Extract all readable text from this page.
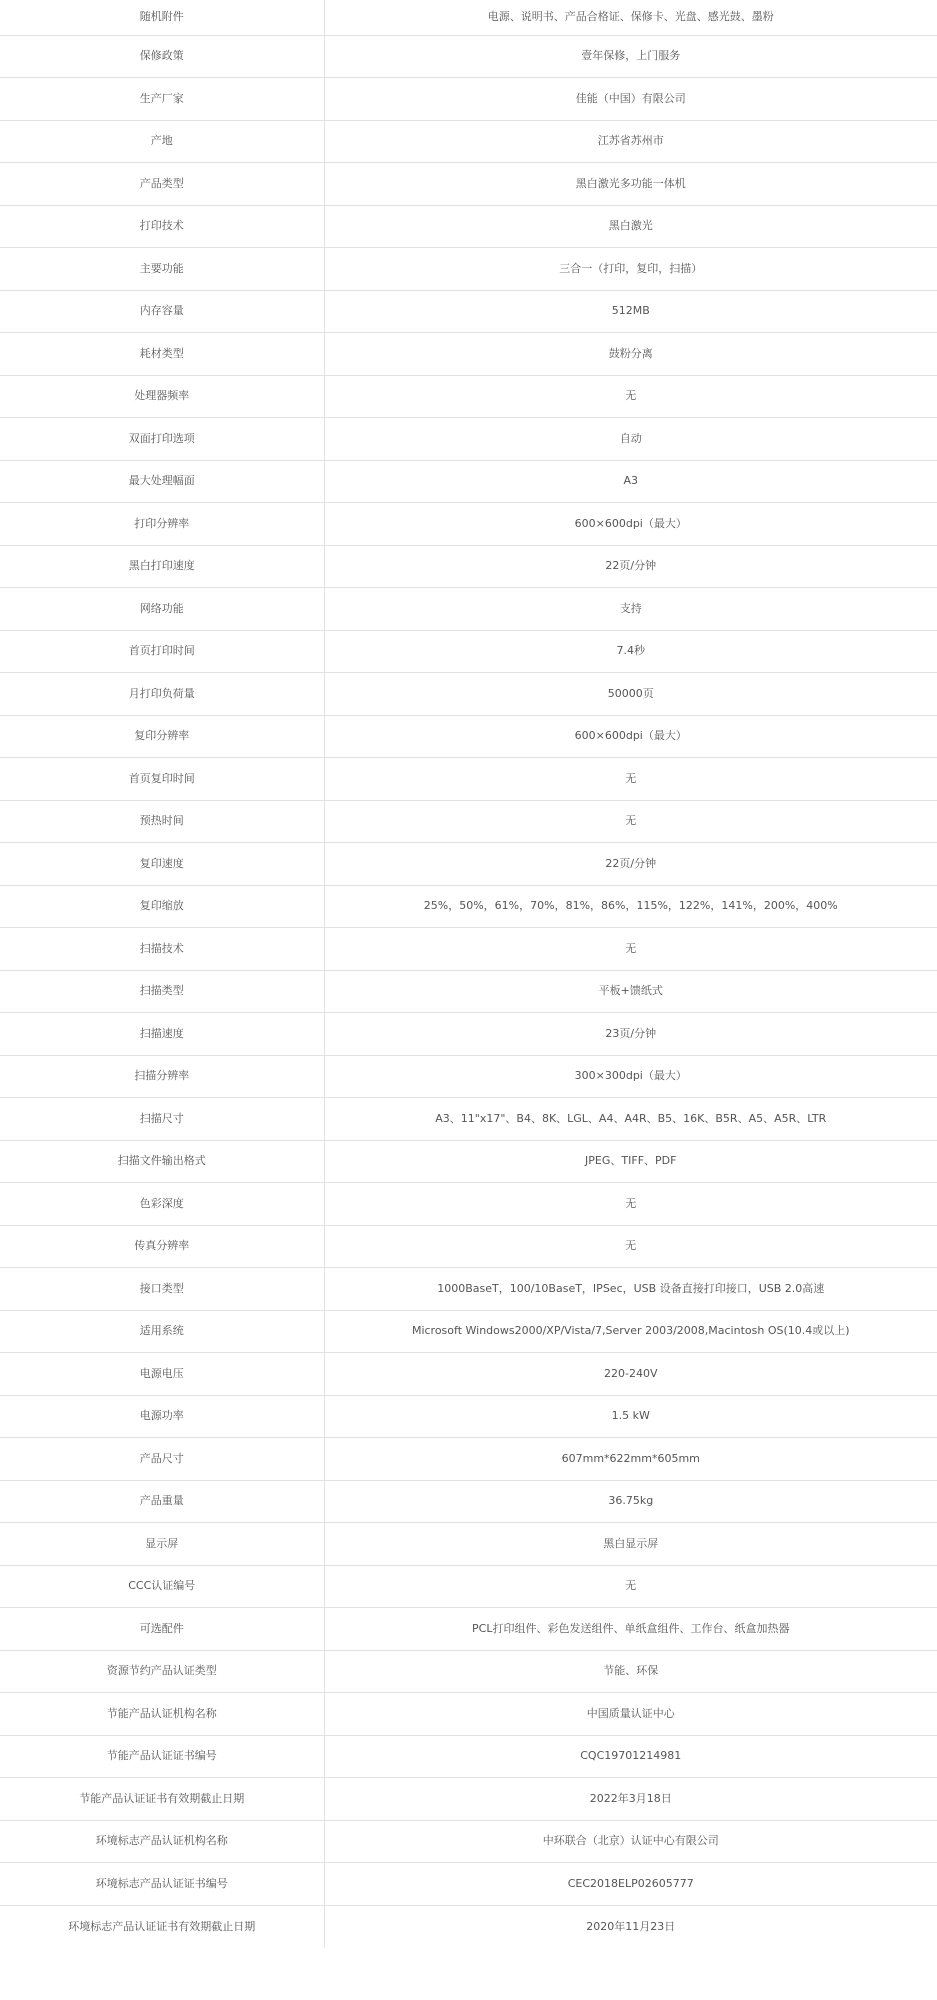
随机附件	电源、说明书、产品合格证、保修卡、光盘、感光鼓、墨粉
保修政策	壹年保修，上门服务
生产厂家	佳能（中国）有限公司
产地	江苏省苏州市
产品类型	黑白激光多功能一体机
打印技术	黑白激光
主要功能	三合一（打印，复印，扫描）
内存容量	512MB
耗材类型	鼓粉分离
处理器频率	无
双面打印选项	自动
最大处理幅面	A3
打印分辨率	600×600dpi（最大）
黑白打印速度	22页/分钟
网络功能	支持
首页打印时间	7.4秒
月打印负荷量	50000页
复印分辨率	600×600dpi（最大）
首页复印时间	无
预热时间	无
复印速度	22页/分钟
复印缩放	25%，50%，61%，70%，81%，86%，115%，122%，141%，200%，400%
扫描技术	无
扫描类型	平板+馈纸式
扫描速度	23页/分钟
扫描分辨率	300×300dpi（最大）
扫描尺寸	A3、11"x17"、B4、8K、LGL、A4、A4R、B5、16K、B5R、A5、A5R、LTR
扫描文件输出格式	JPEG、TIFF、PDF
色彩深度	无
传真分辨率	无
接口类型	1000BaseT，100/10BaseT，IPSec，USB 设备直接打印接口，USB 2.0高速
适用系统	Microsoft Windows2000/XP/Vista/7,Server 2003/2008,Macintosh OS(10.4或以上)
电源电压	220-240V
电源功率	1.5 kW
产品尺寸	607mm*622mm*605mm
产品重量	36.75kg
显示屏	黑白显示屏
CCC认证编号	无
可选配件	PCL打印组件、彩色发送组件、单纸盒组件、工作台、纸盒加热器
资源节约产品认证类型	节能、环保
节能产品认证机构名称	中国质量认证中心
节能产品认证证书编号	CQC19701214981
节能产品认证证书有效期截止日期	2022年3月18日
环境标志产品认证机构名称	中环联合（北京）认证中心有限公司
环境标志产品认证证书编号	CEC2018ELP02605777
环境标志产品认证证书有效期截止日期	2020年11月23日
